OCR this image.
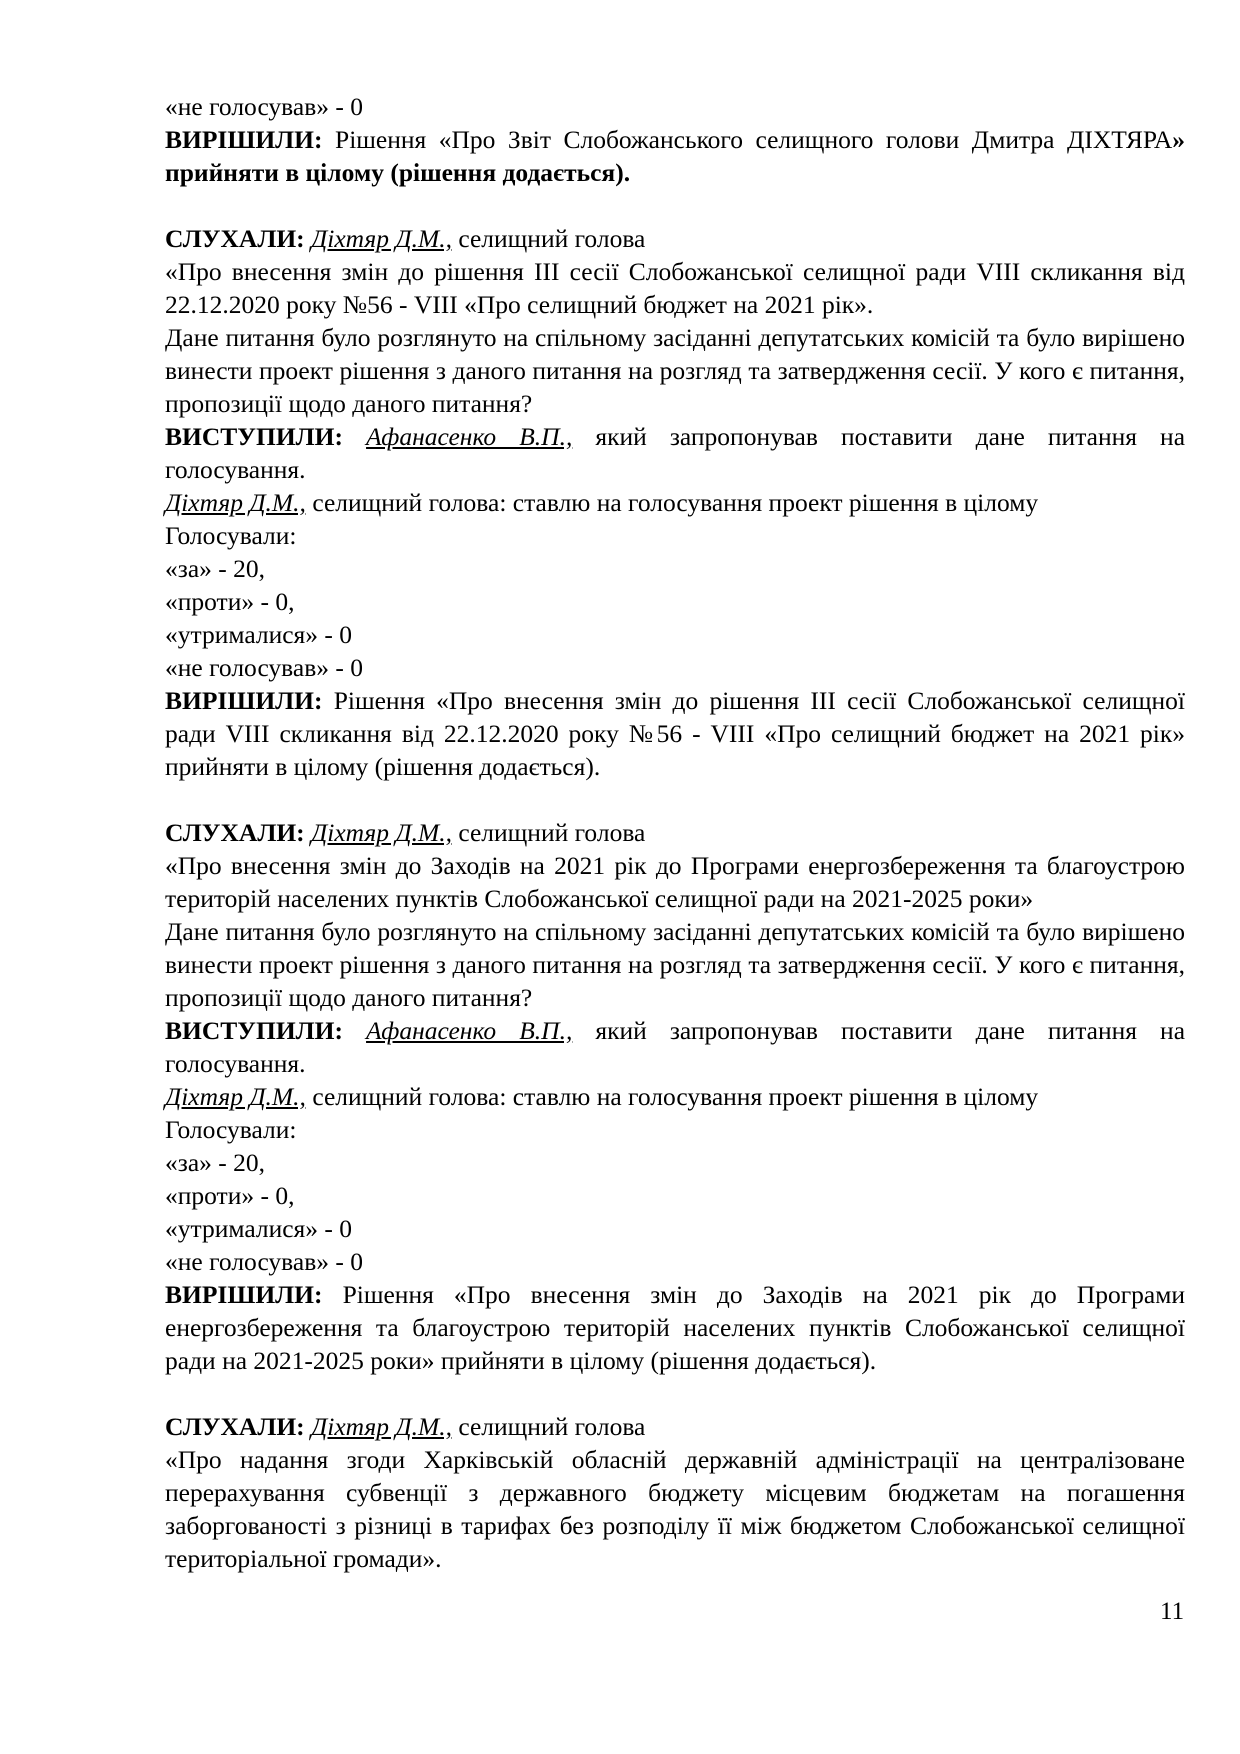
«не голосував» - 0
ВИРІШИЛИ: Рішення «Про Звіт Слобожанського селищного голови Дмитра ДІХТЯРА» прийняти в цілому (рішення додається).
СЛУХАЛИ: Діхтяр Д.М., селищний голова
«Про внесення змін до рішення ІІІ сесії Слобожанської селищної ради VIII скликання від 22.12.2020 року №56 - VIII «Про селищний бюджет на 2021 рік».
Дане питання було розглянуто на спільному засіданні депутатських комісій та було вирішено винести проект рішення з даного питання на розгляд та затвердження сесії. У кого є питання, пропозиції щодо даного питання?
ВИСТУПИЛИ: Афанасенко В.П., який запропонував поставити дане питання на голосування.
Діхтяр Д.М., селищний голова: ставлю на голосування проект рішення в цілому
Голосували:
«за» - 20,
«проти» - 0,
«утрималися» - 0
«не голосував» - 0
ВИРІШИЛИ: Рішення «Про внесення змін до рішення ІІІ сесії Слобожанської селищної ради VIII скликання від 22.12.2020 року №56 - VIII «Про селищний бюджет на 2021 рік» прийняти в цілому (рішення додається).
СЛУХАЛИ: Діхтяр Д.М., селищний голова
«Про внесення змін до Заходів на 2021 рік до Програми енергозбереження та благоустрою територій населених пунктів Слобожанської селищної ради на 2021-2025 роки»
Дане питання було розглянуто на спільному засіданні депутатських комісій та було вирішено винести проект рішення з даного питання на розгляд та затвердження сесії. У кого є питання, пропозиції щодо даного питання?
ВИСТУПИЛИ: Афанасенко В.П., який запропонував поставити дане питання на голосування.
Діхтяр Д.М., селищний голова: ставлю на голосування проект рішення в цілому
Голосували:
«за» - 20,
«проти» - 0,
«утрималися» - 0
«не голосував» - 0
ВИРІШИЛИ: Рішення «Про внесення змін до Заходів на 2021 рік до Програми енергозбереження та благоустрою територій населених пунктів Слобожанської селищної ради на 2021-2025 роки» прийняти в цілому (рішення додається).
СЛУХАЛИ: Діхтяр Д.М., селищний голова
«Про надання згоди Харківській обласній державній адміністрації на централізоване перерахування субвенції з державного бюджету місцевим бюджетам на погашення заборгованості з різниці в тарифах без розподілу її між бюджетом Слобожанської селищної територіальної громади».
11
